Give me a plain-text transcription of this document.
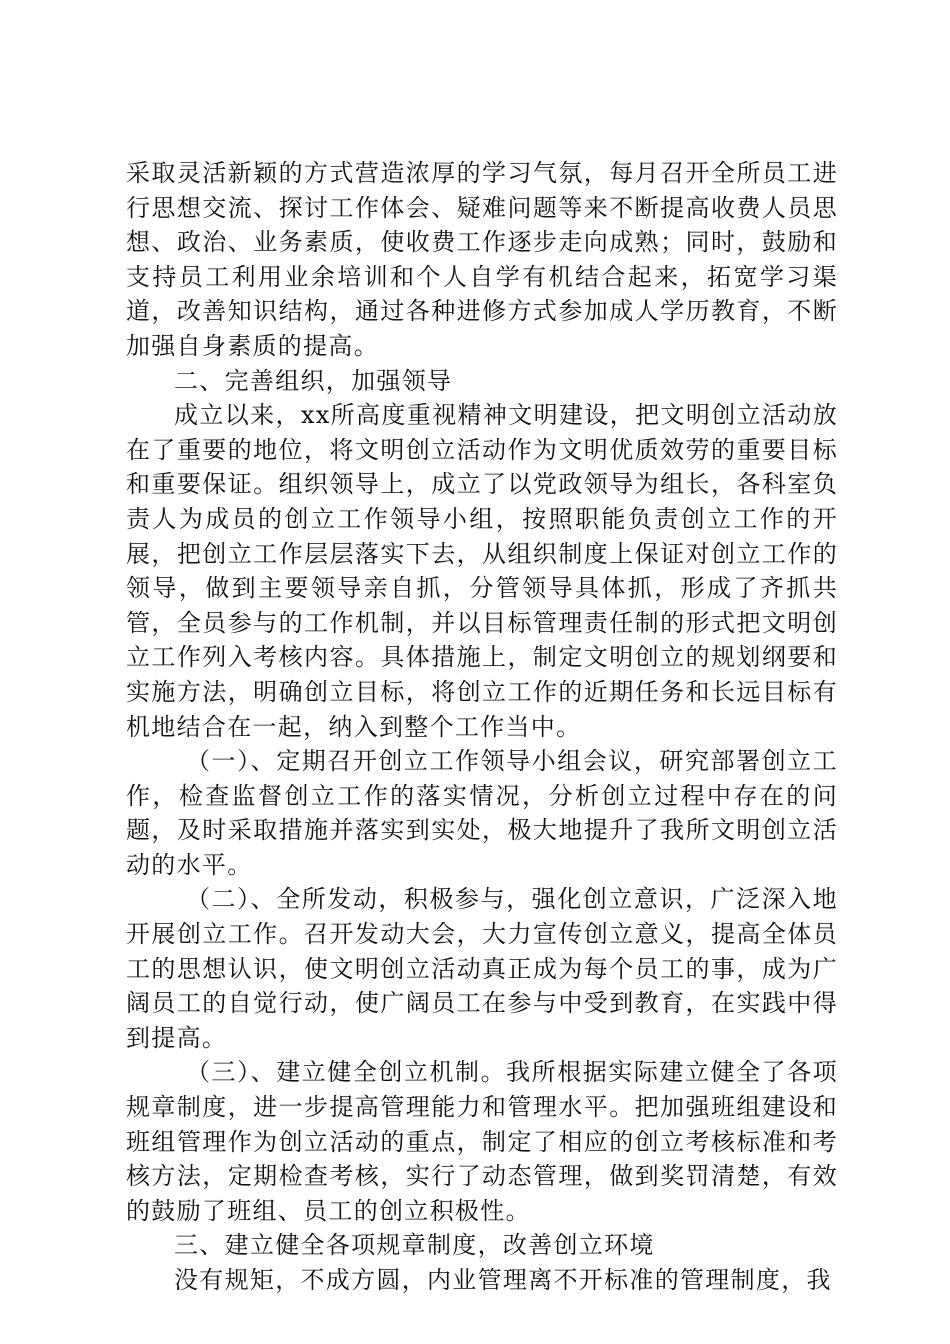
采取灵活新颖的方式营造浓厚的学习气氛，每月召开全所员工进行思想交流、探讨工作体会、疑难问题等来不断提高收费人员思想、政治、业务素质，使收费工作逐步走向成熟；同时，鼓励和支持员工利用业余培训和个人自学有机结合起来，拓宽学习渠道，改善知识结构，通过各种进修方式参加成人学历教育，不断加强自身素质的提高。

二、完善组织，加强领导

成立以来，xx所高度重视精神文明建设，把文明创立活动放在了重要的地位，将文明创立活动作为文明优质效劳的重要目标和重要保证。组织领导上，成立了以党政领导为组长，各科室负责人为成员的创立工作领导小组，按照职能负责创立工作的开展，把创立工作层层落实下去，从组织制度上保证对创立工作的领导，做到主要领导亲自抓，分管领导具体抓，形成了齐抓共管，全员参与的工作机制，并以目标管理责任制的形式把文明创立工作列入考核内容。具体措施上，制定文明创立的规划纲要和实施方法，明确创立目标，将创立工作的近期任务和长远目标有机地结合在一起，纳入到整个工作当中。

（一）、定期召开创立工作领导小组会议，研究部署创立工作，检查监督创立工作的落实情况，分析创立过程中存在的问题，及时采取措施并落实到实处，极大地提升了我所文明创立活动的水平。

（二）、全所发动，积极参与，强化创立意识，广泛深入地开展创立工作。召开发动大会，大力宣传创立意义，提高全体员工的思想认识，使文明创立活动真正成为每个员工的事，成为广阔员工的自觉行动，使广阔员工在参与中受到教育，在实践中得到提高。

（三）、建立健全创立机制。我所根据实际建立健全了各项规章制度，进一步提高管理能力和管理水平。把加强班组建设和班组管理作为创立活动的重点，制定了相应的创立考核标准和考核方法，定期检查考核，实行了动态管理，做到奖罚清楚，有效的鼓励了班组、员工的创立积极性。

三、建立健全各项规章制度，改善创立环境

没有规矩，不成方圆，内业管理离不开标准的管理制度，我
